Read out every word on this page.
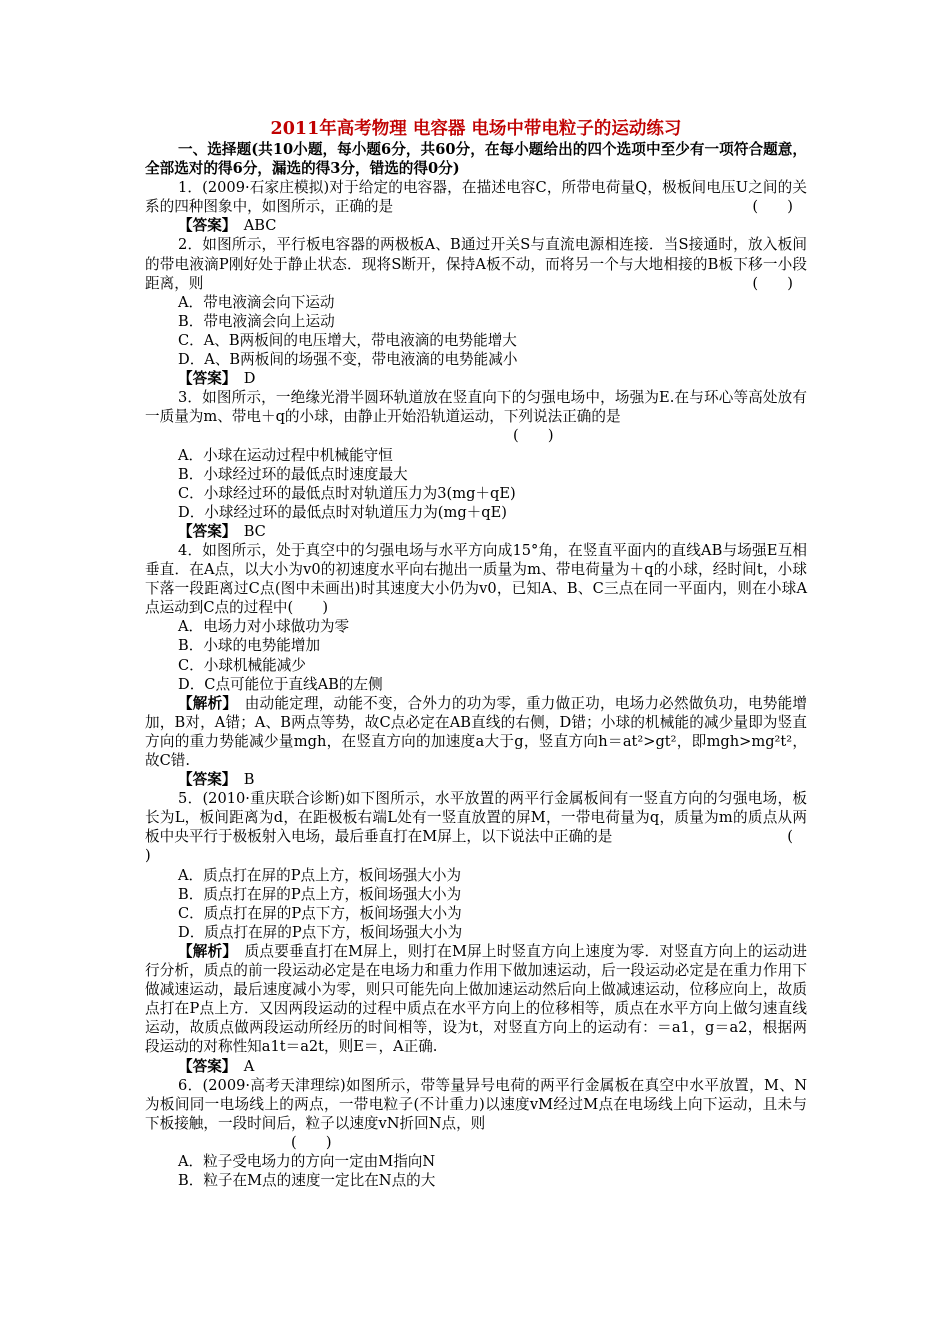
2011年高考物理 电容器 电场中带电粒子的运动练习
一、选择题(共10小题，每小题6分，共60分，在每小题给出的四个选项中至少有一项符合题意，全部选对的得6分，漏选的得3分，错选的得0分)
1．(2009·石家庄模拟)对于给定的电容器，在描述电容C，所带电荷量Q，极板间电压U之间的关系的四种图象中，如图所示，正确的是	(　　)
【答案】　 ABC
2．如图所示，平行板电容器的两极板A、B通过开关S与直流电源相连接．当S接通时，放入板间的带电液滴P刚好处于静止状态．现将S断开，保持A板不动，而将另一个与大地相接的B板下移一小段距离，则	(　　)
A．带电液滴会向下运动
B．带电液滴会向上运动
C．A、B两板间的电压增大，带电液滴的电势能增大
D．A、B两板间的场强不变，带电液滴的电势能减小
【答案】　 D
3．如图所示，一绝缘光滑半圆环轨道放在竖直向下的匀强电场中，场强为E.在与环心等高处放有一质量为m、带电＋q的小球，由静止开始沿轨道运动，下列说法正确的是
(　　)
A．小球在运动过程中机械能守恒
B．小球经过环的最低点时速度最大
C．小球经过环的最低点时对轨道压力为3(mg＋qE)
D．小球经过环的最低点时对轨道压力为(mg＋qE)
【答案】　 BC
4．如图所示，处于真空中的匀强电场与水平方向成15°角，在竖直平面内的直线AB与场强E互相垂直．在A点，以大小为v0的初速度水平向右抛出一质量为m、带电荷量为＋q的小球，经时间t，小球下落一段距离过C点(图中未画出)时其速度大小仍为v0，已知A、B、C三点在同一平面内，则在小球A点运动到C点的过程中(　　)
A．电场力对小球做功为零
B．小球的电势能增加
C．小球机械能减少
D．C点可能位于直线AB的左侧
【解析】　 由动能定理，动能不变，合外力的功为零，重力做正功，电场力必然做负功，电势能增加，B对，A错；A、B两点等势，故C点必定在AB直线的右侧，D错；小球的机械能的减少量即为竖直方向的重力势能减少量mgh，在竖直方向的加速度a大于g，竖直方向h＝at²>gt²，即mgh>mg²t²，故C错.
【答案】　 B
5．(2010·重庆联合诊断)如下图所示，水平放置的两平行金属板间有一竖直方向的匀强电场，板长为L，板间距离为d，在距极板右端L处有一竖直放置的屏M，一带电荷量为q，质量为m的质点从两板中央平行于极板射入电场，最后垂直打在M屏上，以下说法中正确的是	(
)
A．质点打在屏的P点上方，板间场强大小为
B．质点打在屏的P点上方，板间场强大小为
C．质点打在屏的P点下方，板间场强大小为
D．质点打在屏的P点下方，板间场强大小为
【解析】　 质点要垂直打在M屏上，则打在M屏上时竖直方向上速度为零．对竖直方向上的运动进行分析，质点的前一段运动必定是在电场力和重力作用下做加速运动，后一段运动必定是在重力作用下做减速运动，最后速度减小为零，则只可能先向上做加速运动然后向上做减速运动，位移应向上，故质点打在P点上方．又因两段运动的过程中质点在水平方向上的位移相等，质点在水平方向上做匀速直线运动，故质点做两段运动所经历的时间相等，设为t，对竖直方向上的运动有：＝a1，g＝a2，根据两段运动的对称性知a1t＝a2t，则E＝，A正确.
【答案】　 A
6．(2009·高考天津理综)如图所示，带等量异号电荷的两平行金属板在真空中水平放置，M、N为板间同一电场线上的两点，一带电粒子(不计重力)以速度vM经过M点在电场线上向下运动，且未与下板接触，一段时间后，粒子以速度vN折回N点，则
(　　)
A．粒子受电场力的方向一定由M指向N
B．粒子在M点的速度一定比在N点的大
